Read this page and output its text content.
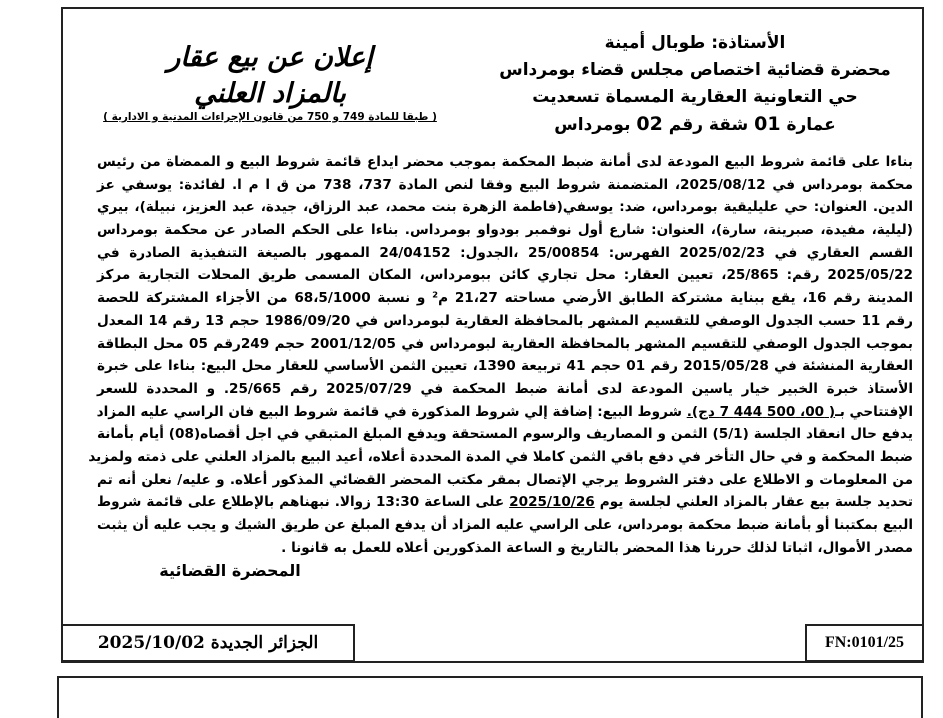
الأستاذة: طوبال أمينة
محضرة قضائية اختصاص مجلس قضاء بومرداس
حي التعاونية العقارية المسماة تسعديت
عمارة 01 شقة رقم 02 بومرداس
إعلان عن بيع عقار
بالمزاد العلني
( طبقا للمادة 749 و 750 من قانون الإجراءات المدنية و الادارية )
بناءا على قائمة شروط البيع المودعة لدى أمانة ضبط المحكمة بموجب محضر ايداع قائمة شروط البيع و الممضاة من رئيس
محكمة بومرداس في 2025/08/12، المتضمنة شروط البيع وفقا لنص المادة 737، 738 من ق ا م ا. لفائدة: يوسفي عز
الدين. العنوان: حي عليليقية بومرداس، ضد: يوسفي(فاطمة الزهرة بنت محمد، عبد الرزاق، جيدة، عبد العزيز، نبيلة)، بيري
(ليلية، مفيدة، صبرينة، سارة)، العنوان: شارع أول نوفمبر بودواو بومرداس. بناءا على الحكم الصادر عن محكمة بومرداس
القسم العقاري في 2025/02/23 الفهرس: 25/00854 ،الجدول: 24/04152 الممهور بالصيغة التنفيذية الصادرة في
2025/05/22 رقم: 25/865، تعيين العقار: محل تجاري كائن ببومرداس، المكان المسمى طريق المحلات التجارية مركز
المدينة رقم 16، يقع ببناية مشتركة الطابق الأرضي مساحته 21،27 م² و نسبة 68،5/1000 من الأجزاء المشتركة للحصة
رقم 11 حسب الجدول الوصفي للتقسيم المشهر بالمحافظة العقارية لبومرداس في 1986/09/20 حجم 13 رقم 14 المعدل
بموجب الجدول الوصفي للتقسيم المشهر بالمحافظة العقارية لبومرداس في 2001/12/05 حجم 249رقم 05 محل البطاقة
العقارية المنشئة في 2015/05/28 رقم 01 حجم 41 تربيعة 1390، تعيين الثمن الأساسي للعقار محل البيع: بناءا على خبرة
الأستاذ خبرة الخبير خيار ياسين المودعة لدى أمانة ضبط المحكمة في 2025/07/29 رقم 25/665. و المحددة للسعر
الإفتتاحي بـ( 00، 500 444 7 دج). شروط البيع: إضافة إلي شروط المذكورة في قائمة شروط البيع فان الراسي عليه المزاد
يدفع حال انعقاد الجلسة (5/1) الثمن و المصاريف والرسوم المستحقة ويدفع المبلغ المتبقي في اجل أقصاه(08) أيام بأمانة
ضبط المحكمة و في حال التأخر في دفع باقي الثمن كاملا في المدة المحددة أعلاه، أعيد البيع بالمزاد العلني على ذمته ولمزيد
من المعلومات و الاطلاع على دفتر الشروط يرجي الإتصال بمقر مكتب المحضر القضائي المذكور أعلاه. و عليه/ نعلن أنه تم
تحديد جلسة بيع عقار بالمزاد العلني لجلسة يوم 2025/10/26 على الساعة 13:30 زوالا. نبهناهم بالإطلاع على قائمة شروط
البيع بمكتبنا أو بأمانة ضبط محكمة بومرداس، على الراسي عليه المزاد أن يدفع المبلغ عن طريق الشيك و يجب عليه أن يثبت
مصدر الأموال، اثباتا لذلك حررنا هذا المحضر بالتاريخ و الساعة المذكورين أعلاه للعمل به قانونا .
المحضرة القضائية
الجزائر الجديدة 2025/10/02	FN:0101/25
